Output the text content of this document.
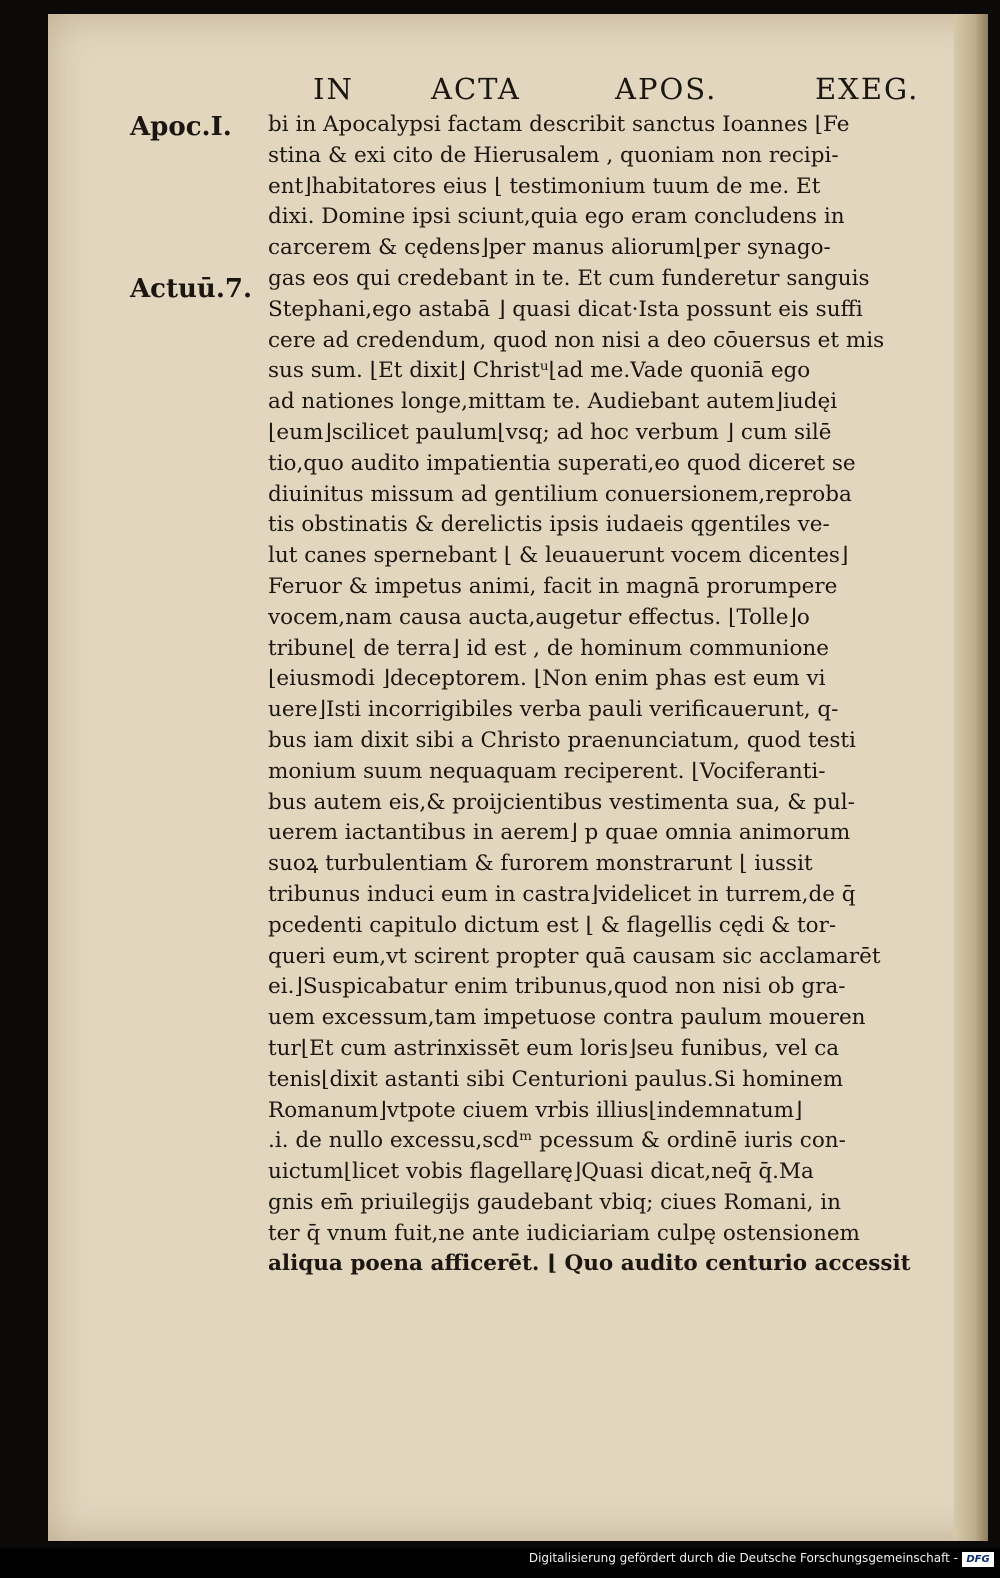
IN	ACTA	APOS.	EXEG.
Apoc.I.
Actuū.7.
bi in Apocalypsi factam describit sanctus Ioannes ⌊Fe
stina & exi cito de Hierusalem , quoniam non recipi-
ent⌋habitatores eius ⌊ testimonium tuum de me. Et
dixi. Domine ipsi sciunt,quia ego eram concludens in
carcerem & cędens⌋per manus aliorum⌊per synago-
gas eos qui credebant in te. Et cum funderetur sanguis
Stephani,ego astabā ⌋ quasi dicat·Ista possunt eis suffi
cere ad credendum, quod non nisi a deo cōuersus et mis
sus sum. ⌊Et dixit⌋ Christᵘ⌊ad me.Vade quoniā ego
ad nationes longe,mittam te. Audiebant autem⌋iudęi
⌊eum⌋scilicet paulum⌊vsq; ad hoc verbum ⌋ cum silē
tio,quo audito impatientia superati,eo quod diceret se
diuinitus missum ad gentilium conuersionem,reproba
tis obstinatis & derelictis ipsis iudaeis qgentiles ve-
lut canes spernebant ⌊ & leuauerunt vocem dicentes⌋
Feruor & impetus animi, facit in magnā prorumpere
vocem,nam causa aucta,augetur effectus. ⌊Tolle⌋o
tribune⌊ de terra⌋ id est , de hominum communione
⌊eiusmodi ⌋deceptorem. ⌊Non enim phas est eum vi
uere⌋Isti incorrigibiles verba pauli verificauerunt, q-
bus iam dixit sibi a Christo praenunciatum, quod testi
monium suum nequaquam reciperent. ⌊Vociferanti-
bus autem eis,& proijcientibus vestimenta sua, & pul-
uerem iactantibus in aerem⌋ p quae omnia animorum
suoꝝ turbulentiam & furorem monstrarunt ⌊ iussit
tribunus induci eum in castra⌋videlicet in turrem,de q̄
pcedenti capitulo dictum est ⌊ & flagellis cędi & tor-
queri eum,vt scirent propter quā causam sic acclamarēt
ei.⌋Suspicabatur enim tribunus,quod non nisi ob gra-
uem excessum,tam impetuose contra paulum moueren
tur⌊Et cum astrinxissēt eum loris⌋seu funibus, vel ca
tenis⌊dixit astanti sibi Centurioni paulus.Si hominem
Romanum⌋vtpote ciuem vrbis illius⌊indemnatum⌋
.i. de nullo excessu,scdᵐ pcessum & ordinē iuris con-
uictum⌊licet vobis flagellarę⌋Quasi dicat,neq̄ q̄.Ma
gnis em̄ priuilegijs gaudebant vbiq; ciues Romani, in
ter q̄ vnum fuit,ne ante iudiciariam culpę ostensionem
aliqua poena afficerēt. ⌊ Quo audito centurio accessit
Digitalisierung gefördert durch die Deutsche Forschungsgemeinschaft - DFG
